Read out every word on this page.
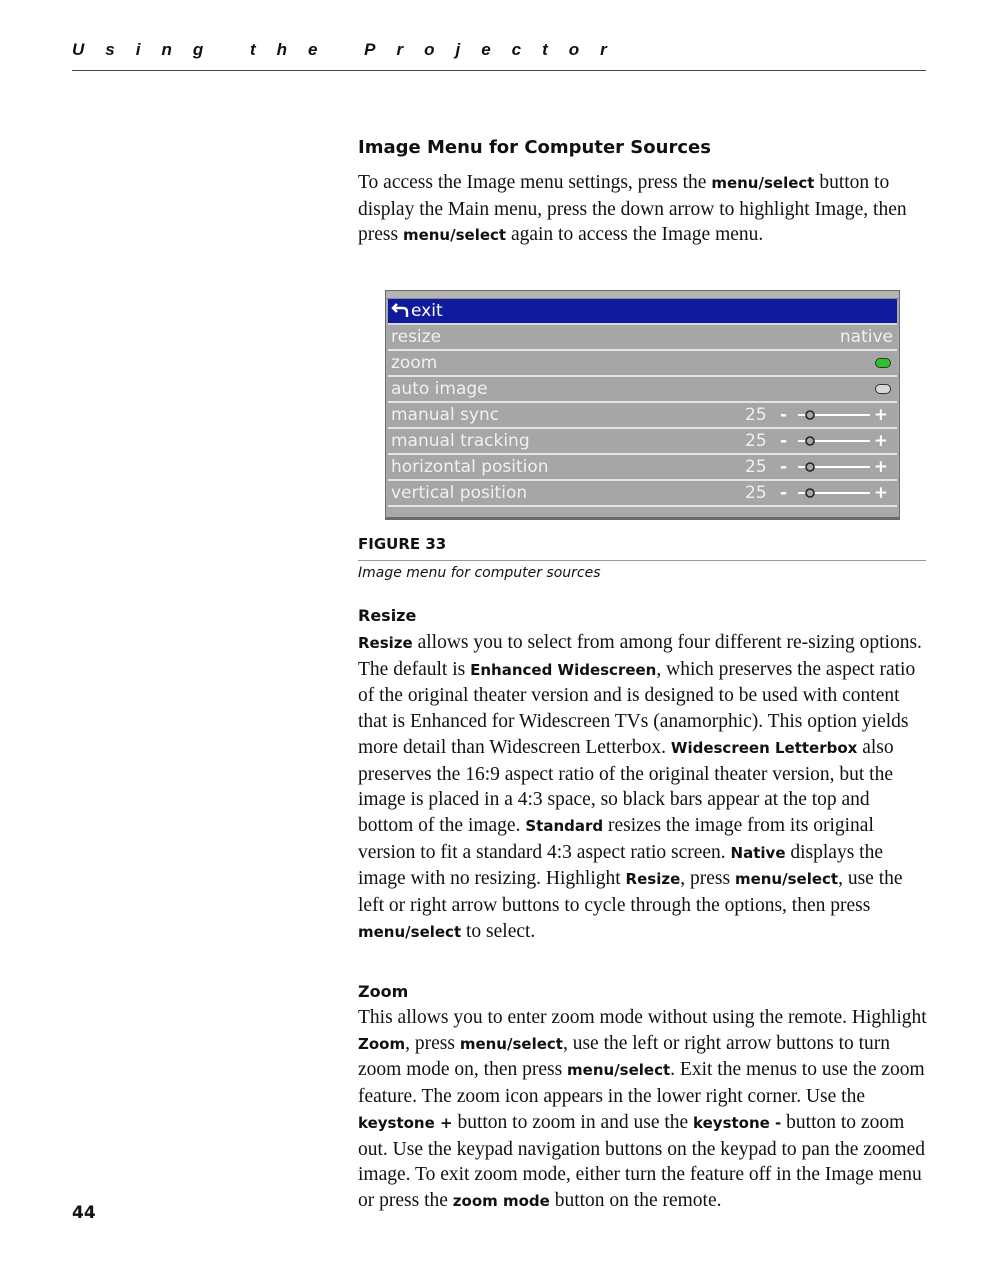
Using the Projector
Image Menu for Computer Sources

To access the Image menu settings, press the menu/select button to display the Main menu, press the down arrow to highlight Image, then press menu/select again to access the Image menu.

exit
resize	native
zoom
auto image
manual sync	25 -	+
manual tracking	25 -	+
horizontal position	25 -	+
vertical position	25 -	+
FIGURE 33
Image menu for computer sources
Resize

Resize allows you to select from among four different re-sizing options. The default is Enhanced Widescreen, which preserves the aspect ratio of the original theater version and is designed to be used with content that is Enhanced for Widescreen TVs (anamorphic). This option yields more detail than Widescreen Letterbox. Widescreen Letterbox also preserves the 16:9 aspect ratio of the original theater version, but the image is placed in a 4:3 space, so black bars appear at the top and bottom of the image. Standard resizes the image from its original version to fit a standard 4:3 aspect ratio screen. Native displays the image with no resizing. Highlight Resize, press menu/select, use the left or right arrow buttons to cycle through the options, then press menu/select to select.

Zoom

This allows you to enter zoom mode without using the remote. Highlight Zoom, press menu/select, use the left or right arrow buttons to turn zoom mode on, then press menu/select. Exit the menus to use the zoom feature. The zoom icon appears in the lower right corner. Use the keystone + button to zoom in and use the keystone - button to zoom out. Use the keypad navigation buttons on the keypad to pan the zoomed image. To exit zoom mode, either turn the feature off in the Image menu or press the zoom mode button on the remote.

44
